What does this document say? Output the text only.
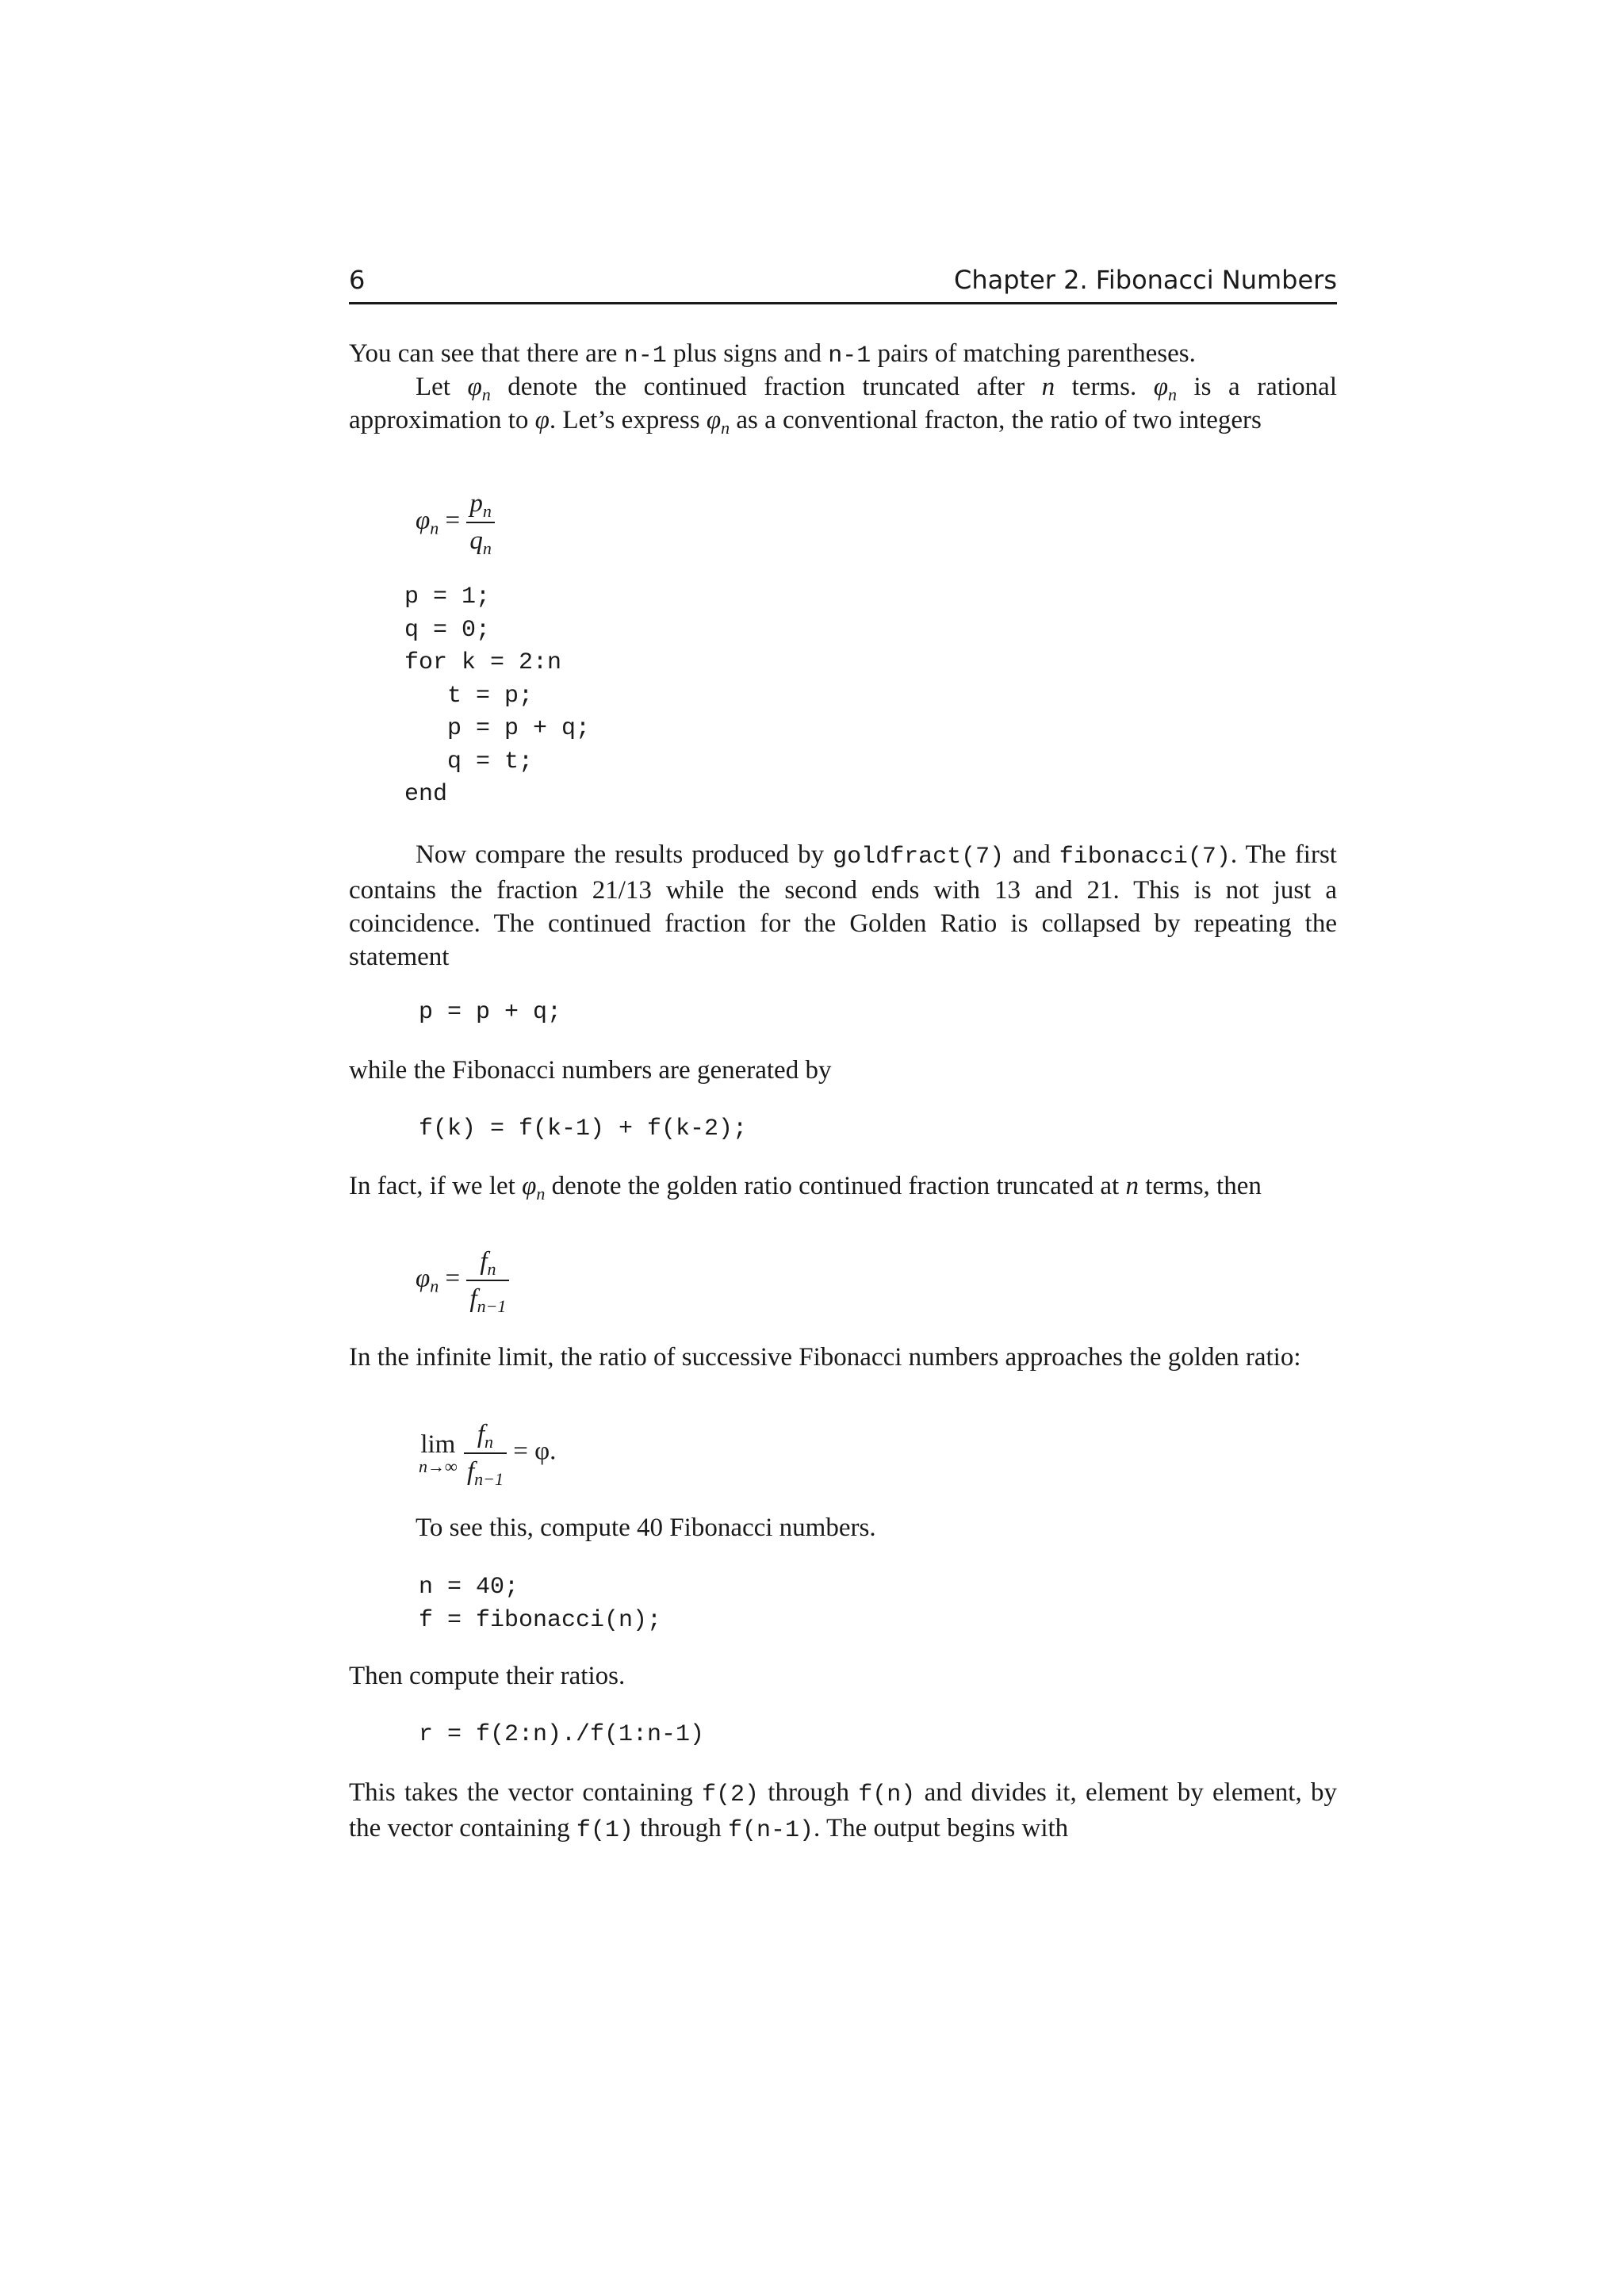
6	Chapter 2. Fibonacci Numbers

You can see that there are n-1 plus signs and n-1 pairs of matching parentheses.

Let $\varphi_n$ denote the continued fraction truncated after n terms. $\varphi_n$ is a rational approximation to φ. Let’s express $\varphi_n$ as a conventional fracton, the ratio of two integers

$\varphi_n = \frac{p_n}{q_n}$
p = 1;
q = 0;
for k = 2:n
t = p;
p = p + q;
q = t;
end

Now compare the results produced by goldfract(7) and fibonacci(7). The first contains the fraction 21/13 while the second ends with 13 and 21. This is not just a coincidence. The continued fraction for the Golden Ratio is collapsed by repeating the statement

p = p + q;

while the Fibonacci numbers are generated by

f(k) = f(k-1) + f(k-2);

In fact, if we let $\varphi_n$ denote the golden ratio continued fraction truncated at n terms, then

$\varphi_n = \frac{f_n}{f_{n-1}}$

In the infinite limit, the ratio of successive Fibonacci numbers approaches the golden ratio:

lim
n→∞
$\frac{f_n}{f_{n-1}} = \varphi$.

To see this, compute 40 Fibonacci numbers.

n = 40;
f = fibonacci(n);

Then compute their ratios.

r = f(2:n)./f(1:n-1)

This takes the vector containing f(2) through f(n) and divides it, element by element, by the vector containing f(1) through f(n-1). The output begins with
